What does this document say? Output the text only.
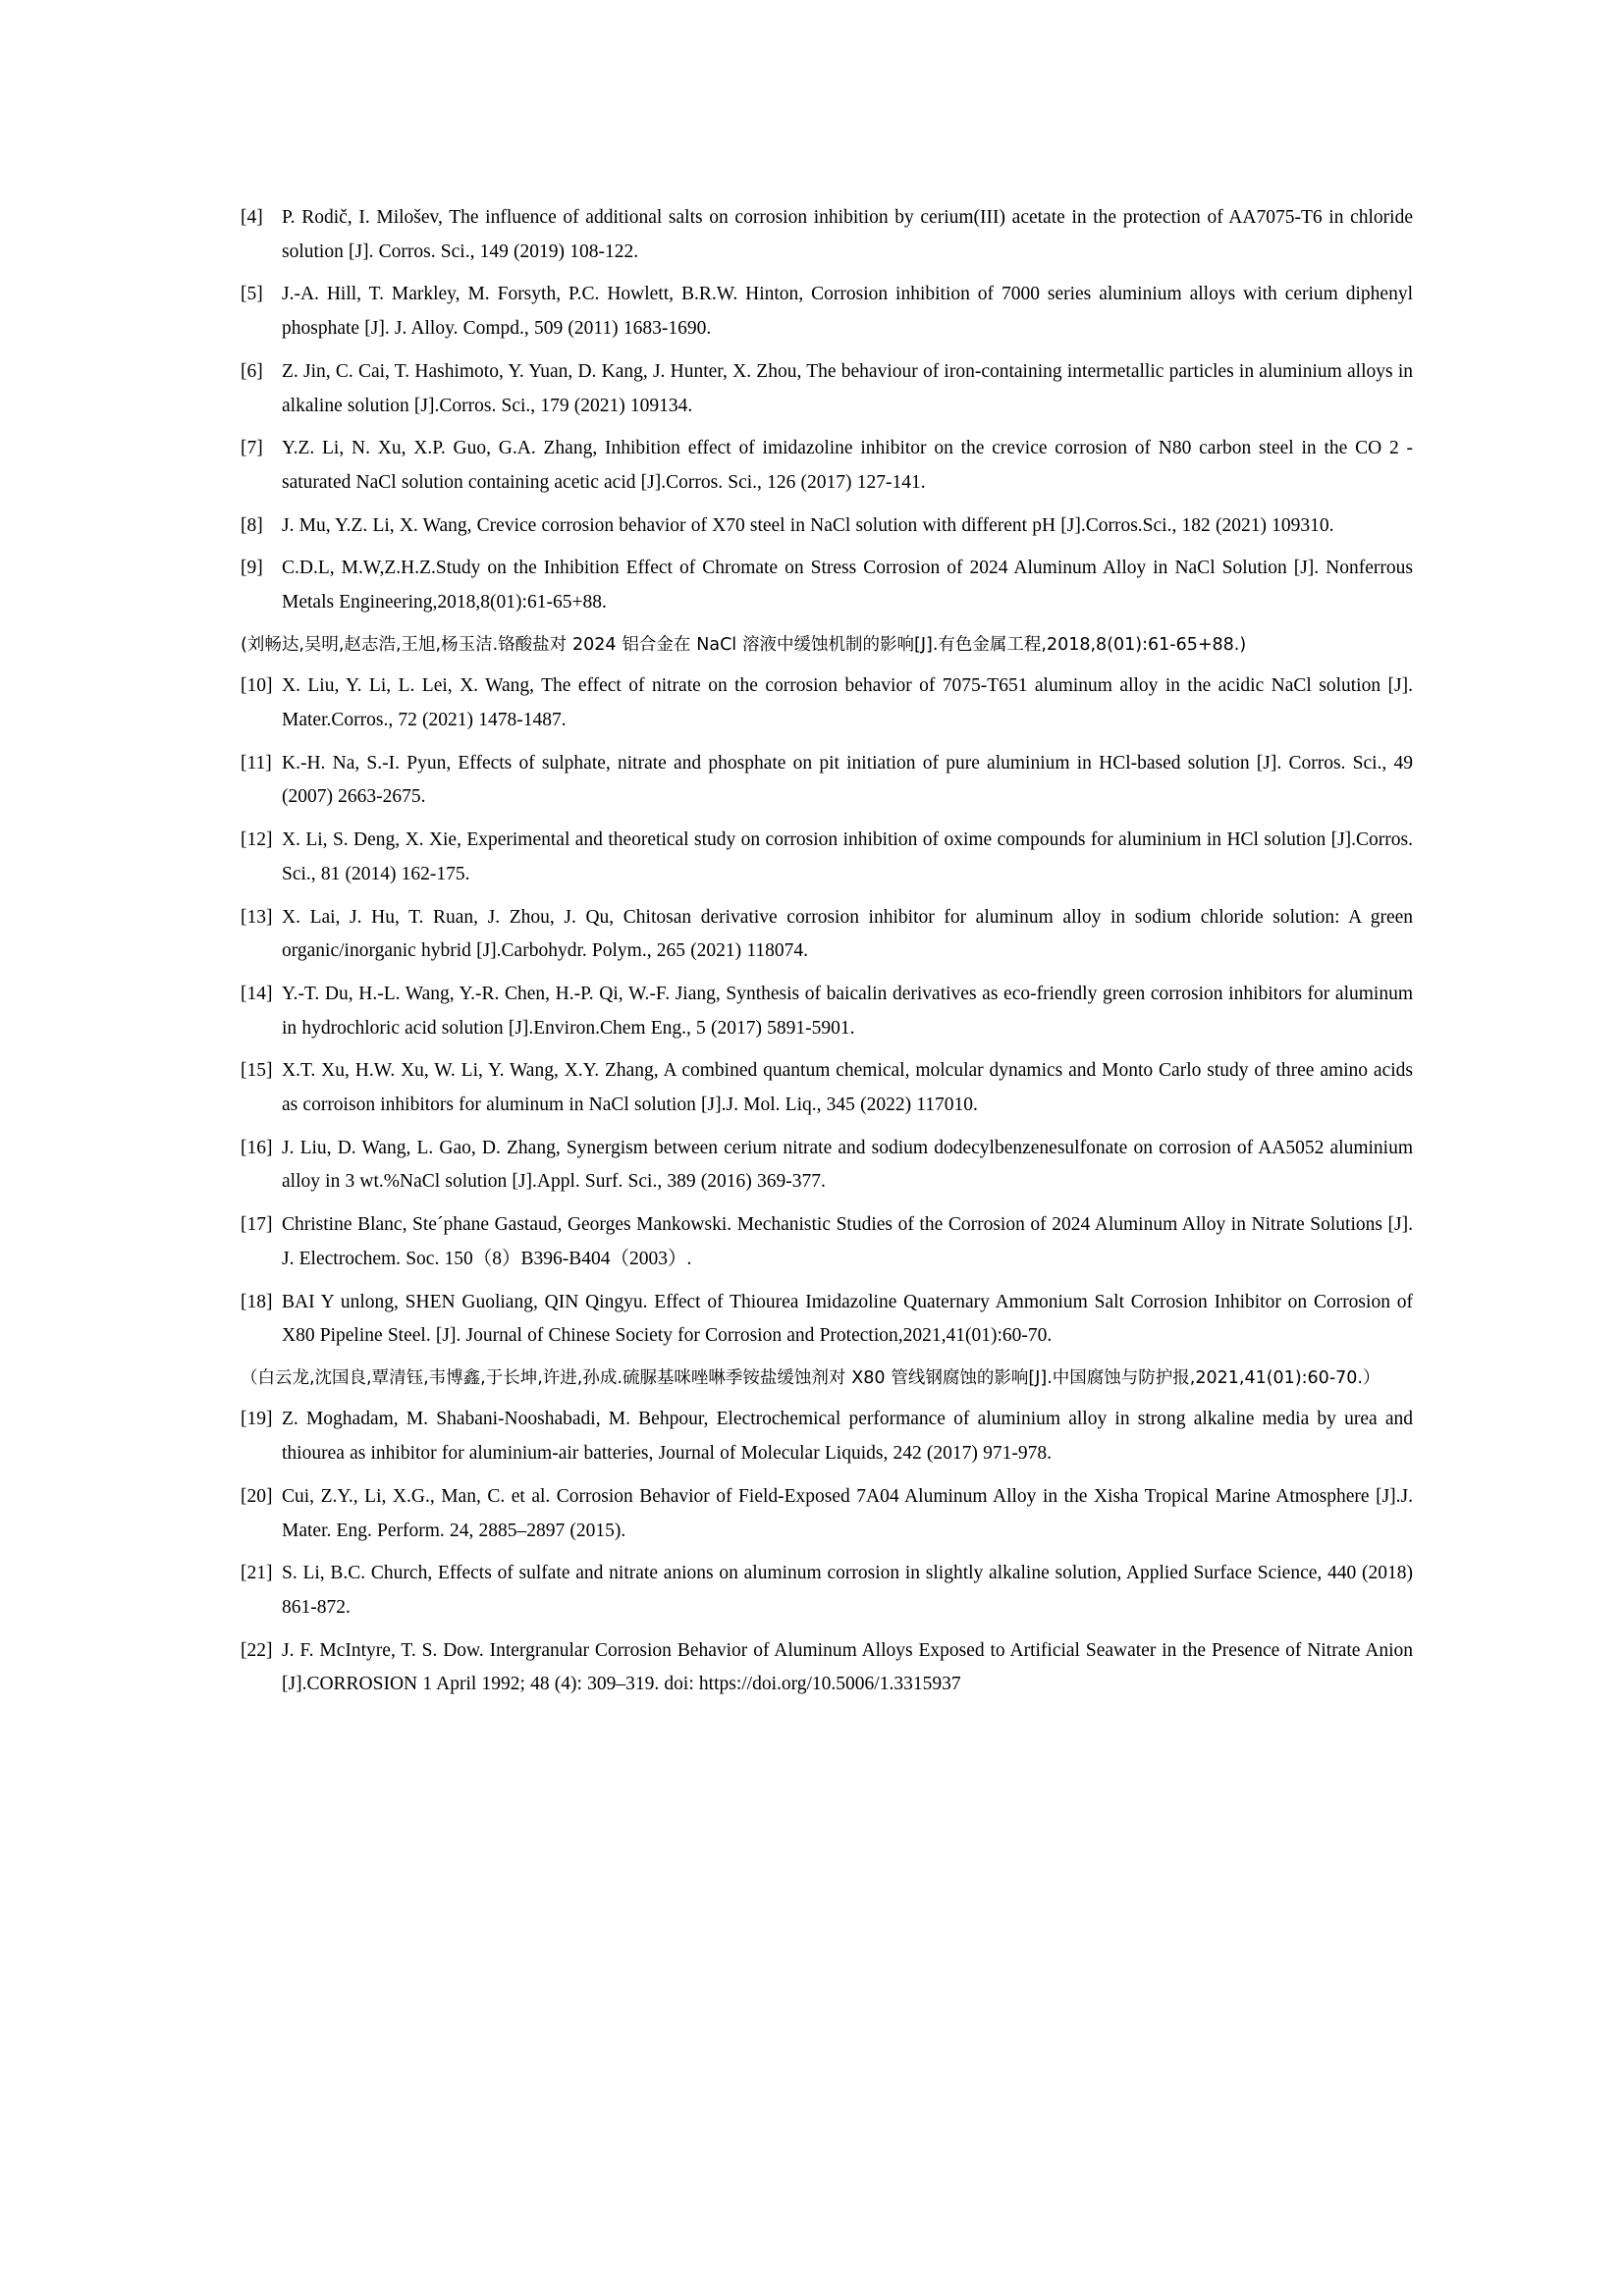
[4] P. Rodič, I. Milošev, The influence of additional salts on corrosion inhibition by cerium(III) acetate in the protection of AA7075-T6 in chloride solution [J]. Corros. Sci., 149 (2019) 108-122.
[5] J.-A. Hill, T. Markley, M. Forsyth, P.C. Howlett, B.R.W. Hinton, Corrosion inhibition of 7000 series aluminium alloys with cerium diphenyl phosphate [J]. J. Alloy. Compd., 509 (2011) 1683-1690.
[6] Z. Jin, C. Cai, T. Hashimoto, Y. Yuan, D. Kang, J. Hunter, X. Zhou, The behaviour of iron-containing intermetallic particles in aluminium alloys in alkaline solution [J].Corros. Sci., 179 (2021) 109134.
[7] Y.Z. Li, N. Xu, X.P. Guo, G.A. Zhang, Inhibition effect of imidazoline inhibitor on the crevice corrosion of N80 carbon steel in the CO 2 -saturated NaCl solution containing acetic acid [J].Corros. Sci., 126 (2017) 127-141.
[8] J. Mu, Y.Z. Li, X. Wang, Crevice corrosion behavior of X70 steel in NaCl solution with different pH [J].Corros.Sci., 182 (2021) 109310.
[9] C.D.L, M.W,Z.H.Z.Study on the Inhibition Effect of Chromate on Stress Corrosion of 2024 Aluminum Alloy in NaCl Solution [J]. Nonferrous Metals Engineering,2018,8(01):61-65+88.
(刘畅达,吴明,赵志浩,王旭,杨玉洁.铬酸盐对 2024 铝合金在 NaCl 溶液中缓蚀机制的影响[J].有色金属工程,2018,8(01):61-65+88.)
[10] X. Liu, Y. Li, L. Lei, X. Wang, The effect of nitrate on the corrosion behavior of 7075‐T651 aluminum alloy in the acidic NaCl solution [J]. Mater.Corros., 72 (2021) 1478-1487.
[11] K.-H. Na, S.-I. Pyun, Effects of sulphate, nitrate and phosphate on pit initiation of pure aluminium in HCl-based solution [J]. Corros. Sci., 49 (2007) 2663-2675.
[12] X. Li, S. Deng, X. Xie, Experimental and theoretical study on corrosion inhibition of oxime compounds for aluminium in HCl solution [J].Corros. Sci., 81 (2014) 162-175.
[13] X. Lai, J. Hu, T. Ruan, J. Zhou, J. Qu, Chitosan derivative corrosion inhibitor for aluminum alloy in sodium chloride solution: A green organic/inorganic hybrid [J].Carbohydr. Polym., 265 (2021) 118074.
[14] Y.-T. Du, H.-L. Wang, Y.-R. Chen, H.-P. Qi, W.-F. Jiang, Synthesis of baicalin derivatives as eco-friendly green corrosion inhibitors for aluminum in hydrochloric acid solution [J].Environ.Chem Eng., 5 (2017) 5891-5901.
[15] X.T. Xu, H.W. Xu, W. Li, Y. Wang, X.Y. Zhang, A combined quantum chemical, molcular dynamics and Monto Carlo study of three amino acids as corroison inhibitors for aluminum in NaCl solution [J].J. Mol. Liq., 345 (2022) 117010.
[16] J. Liu, D. Wang, L. Gao, D. Zhang, Synergism between cerium nitrate and sodium dodecylbenzenesulfonate on corrosion of AA5052 aluminium alloy in 3 wt.%NaCl solution [J].Appl. Surf. Sci., 389 (2016) 369-377.
[17] Christine Blanc, Ste´phane Gastaud, Georges Mankowski. Mechanistic Studies of the Corrosion of 2024 Aluminum Alloy in Nitrate Solutions [J]. J. Electrochem. Soc. 150（8）B396-B404（2003）.
[18] BAI Y unlong, SHEN Guoliang, QIN Qingyu. Effect of Thiourea Imidazoline Quaternary Ammonium Salt Corrosion Inhibitor on Corrosion of X80 Pipeline Steel. [J]. Journal of Chinese Society for Corrosion and Protection,2021,41(01):60-70.
（白云龙,沈国良,覃清钰,韦博鑫,于长坤,许进,孙成.硫脲基咪唑啉季铵盐缓蚀剂对 X80 管线钢腐蚀的影响[J].中国腐蚀与防护报,2021,41(01):60-70.）
[19] Z. Moghadam, M. Shabani-Nooshabadi, M. Behpour, Electrochemical performance of aluminium alloy in strong alkaline media by urea and thiourea as inhibitor for aluminium-air batteries, Journal of Molecular Liquids, 242 (2017) 971-978.
[20] Cui, Z.Y., Li, X.G., Man, C. et al. Corrosion Behavior of Field-Exposed 7A04 Aluminum Alloy in the Xisha Tropical Marine Atmosphere [J].J. Mater. Eng. Perform. 24, 2885–2897 (2015).
[21] S. Li, B.C. Church, Effects of sulfate and nitrate anions on aluminum corrosion in slightly alkaline solution, Applied Surface Science, 440 (2018) 861-872.
[22] J. F. McIntyre, T. S. Dow. Intergranular Corrosion Behavior of Aluminum Alloys Exposed to Artificial Seawater in the Presence of Nitrate Anion [J].CORROSION 1 April 1992; 48 (4): 309–319. doi: https://doi.org/10.5006/1.3315937
